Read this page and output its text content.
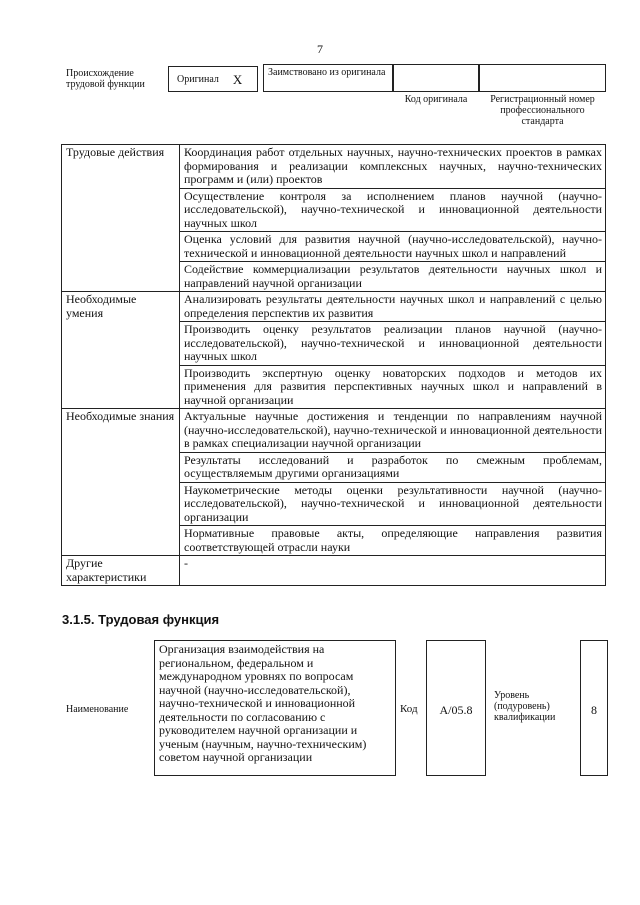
7
Происхождение трудовой функции	Оригинал X	Заимствовано из оригинала
Код оригинала	Регистрационный номер профессионального стандарта
Трудовые действия	Координация работ отдельных научных, научно-технических проектов в рамках формирования и реализации комплексных научных, научно-технических программ и (или) проектов
	Осуществление контроля за исполнением планов научной (научно-исследовательской), научно-технической и инновационной деятельности научных школ
	Оценка условий для развития научной (научно-исследовательской), научно-технической и инновационной деятельности научных школ и направлений
	Содействие коммерциализации результатов деятельности научных школ и направлений научной организации
Необходимые умения	Анализировать результаты деятельности научных школ и направлений с целью определения перспектив их развития
	Производить оценку результатов реализации планов научной (научно-исследовательской), научно-технической и инновационной деятельности научных школ
	Производить экспертную оценку новаторских подходов и методов их применения для развития перспективных научных школ и направлений в научной организации
Необходимые знания	Актуальные научные достижения и тенденции по направлениям научной (научно-исследовательской), научно-технической и инновационной деятельности в рамках специализации научной организации
	Результаты исследований и разработок по смежным проблемам, осуществляемым другими организациями
	Наукометрические методы оценки результативности научной (научно-исследовательской), научно-технической и инновационной деятельности организации
	Нормативные правовые акты, определяющие направления развития соответствующей отрасли науки
Другие характеристики	-
3.1.5. Трудовая функция
Наименование
Организация взаимодействия на региональном, федеральном и международном уровнях по вопросам научной (научно-исследовательской), научно-технической и инновационной деятельности по согласованию с руководителем научной организации и ученым (научным, научно-техническим) советом научной организации
Код A/05.8
Уровень (подуровень) квалификации
8
